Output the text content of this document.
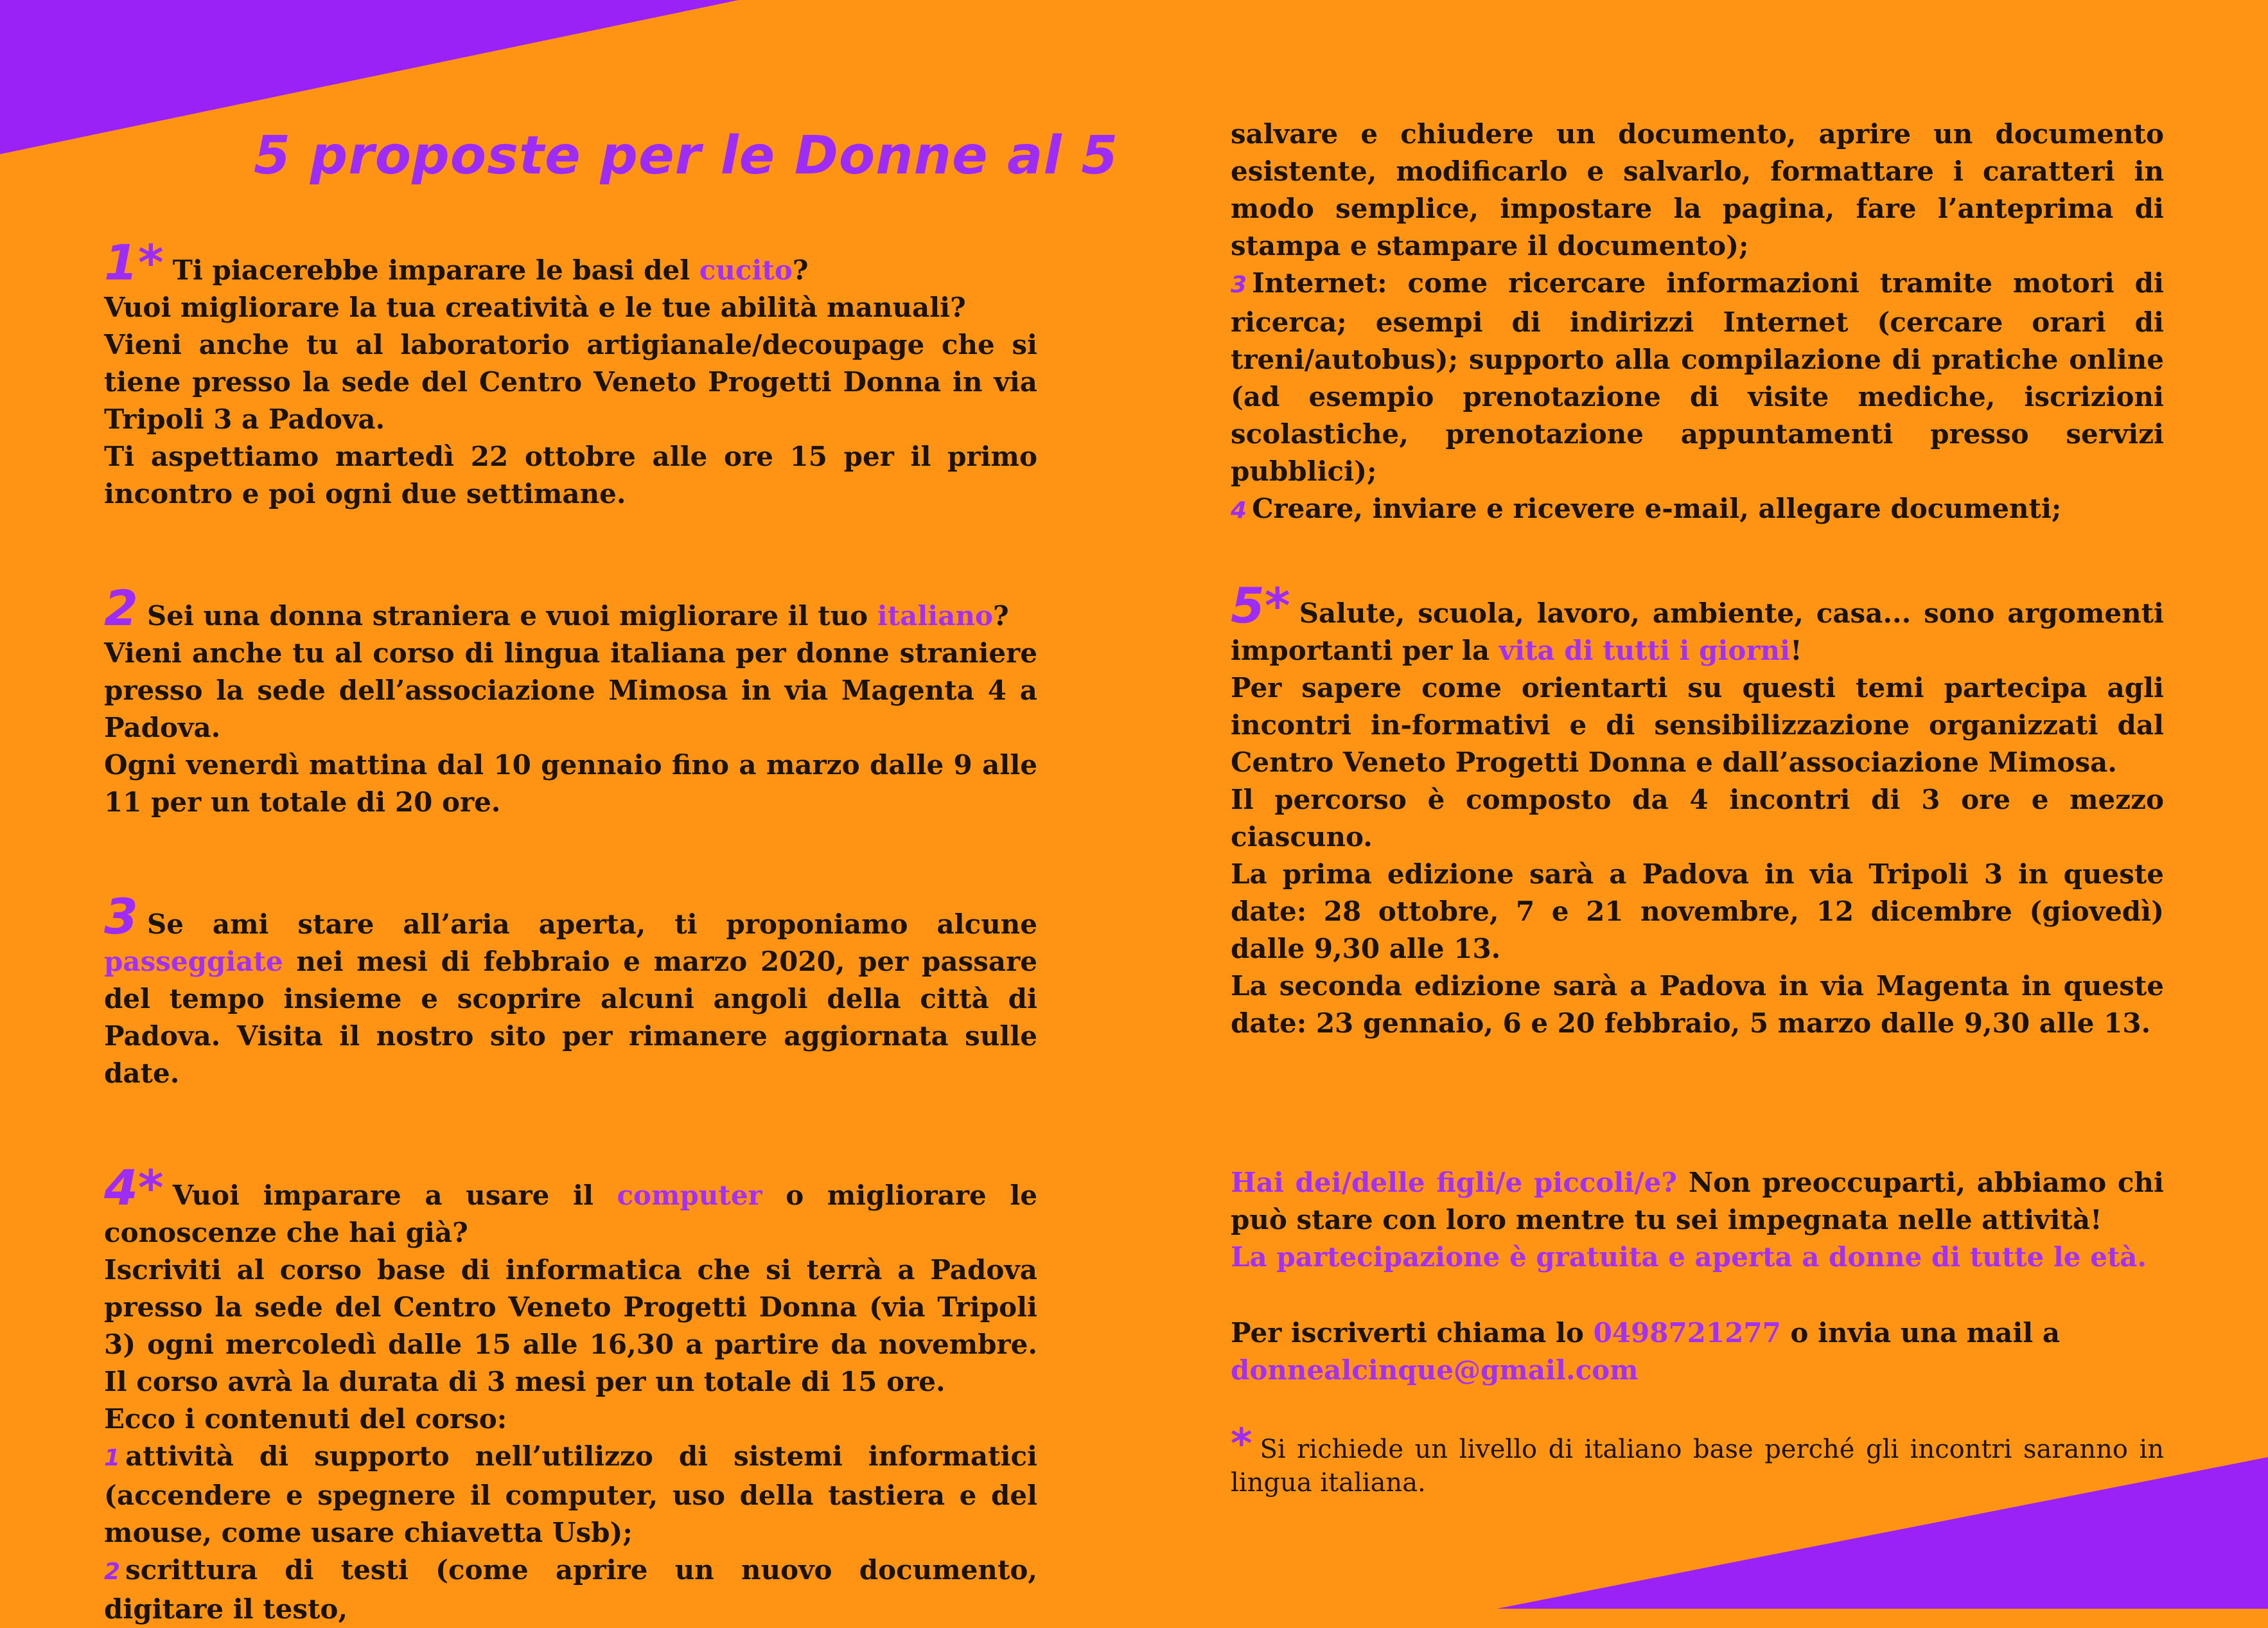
5 proposte per le Donne al 5

1* Ti piacerebbe imparare le basi del cucito?

Vuoi migliorare la tua creatività e le tue abilità manuali?

Vieni anche tu al laboratorio artigianale/decoupage che si tiene presso la sede del Centro Veneto Progetti Donna in via Tripoli 3 a Padova.

Ti aspettiamo martedì 22 ottobre alle ore 15 per il primo incontro e poi ogni due settimane.

2 Sei una donna straniera e vuoi migliorare il tuo italiano?

Vieni anche tu al corso di lingua italiana per donne straniere presso la sede dell’associazione Mimosa in via Magenta 4 a Padova.

Ogni venerdì mattina dal 10 gennaio fino a marzo dalle 9 alle 11 per un totale di 20 ore.

3 Se ami stare all’aria aperta, ti proponiamo alcune passeggiate nei mesi di febbraio e marzo 2020, per passare del tempo insieme e scoprire alcuni angoli della città di Padova. Visita il nostro sito per rimanere aggiornata sulle date.

4* Vuoi imparare a usare il computer o migliorare le conoscenze che hai già?

Iscriviti al corso base di informatica che si terrà a Padova presso la sede del Centro Veneto Progetti Donna (via Tripoli 3) ogni mercoledì dalle 15 alle 16,30 a partire da novembre. Il corso avrà la durata di 3 mesi per un totale di 15 ore.

Ecco i contenuti del corso:

1 attività di supporto nell’utilizzo di sistemi informatici (accendere e spegnere il computer, uso della tastiera e del mouse, come usare chiavetta Usb);

2 scrittura di testi (come aprire un nuovo documento, digitare il testo,

salvare e chiudere un documento, aprire un documento esistente, modificarlo e salvarlo, formattare i caratteri in modo semplice, impostare la pagina, fare l’anteprima di stampa e stampare il documento);

3 Internet: come ricercare informazioni tramite motori di ricerca; esempi di indirizzi Internet (cercare orari di treni/autobus); supporto alla compilazione di pratiche online (ad esempio prenotazione di visite mediche, iscrizioni scolastiche, prenotazione appuntamenti presso servizi pubblici);

4 Creare, inviare e ricevere e-mail, allegare documenti;

5* Salute, scuola, lavoro, ambiente, casa... sono argomenti importanti per la vita di tutti i giorni!

Per sapere come orientarti su questi temi partecipa agli incontri in-formativi e di sensibilizzazione organizzati dal Centro Veneto Progetti Donna e dall’associazione Mimosa.

Il percorso è composto da 4 incontri di 3 ore e mezzo ciascuno.

La prima edizione sarà a Padova in via Tripoli 3 in queste date: 28 ottobre, 7 e 21 novembre, 12 dicembre (giovedì) dalle 9,30 alle 13.

La seconda edizione sarà a Padova in via Magenta in queste date: 23 gennaio, 6 e 20 febbraio, 5 marzo dalle 9,30 alle 13.

Hai dei/delle figli/e piccoli/e? Non preoccuparti, abbiamo chi può stare con loro mentre tu sei impegnata nelle attività!

La partecipazione è gratuita e aperta a donne di tutte le età.

Per iscriverti chiama lo 0498721277 o invia una mail a

donnealcinque@gmail.com

* Si richiede un livello di italiano base perché gli incontri saranno in lingua italiana.
